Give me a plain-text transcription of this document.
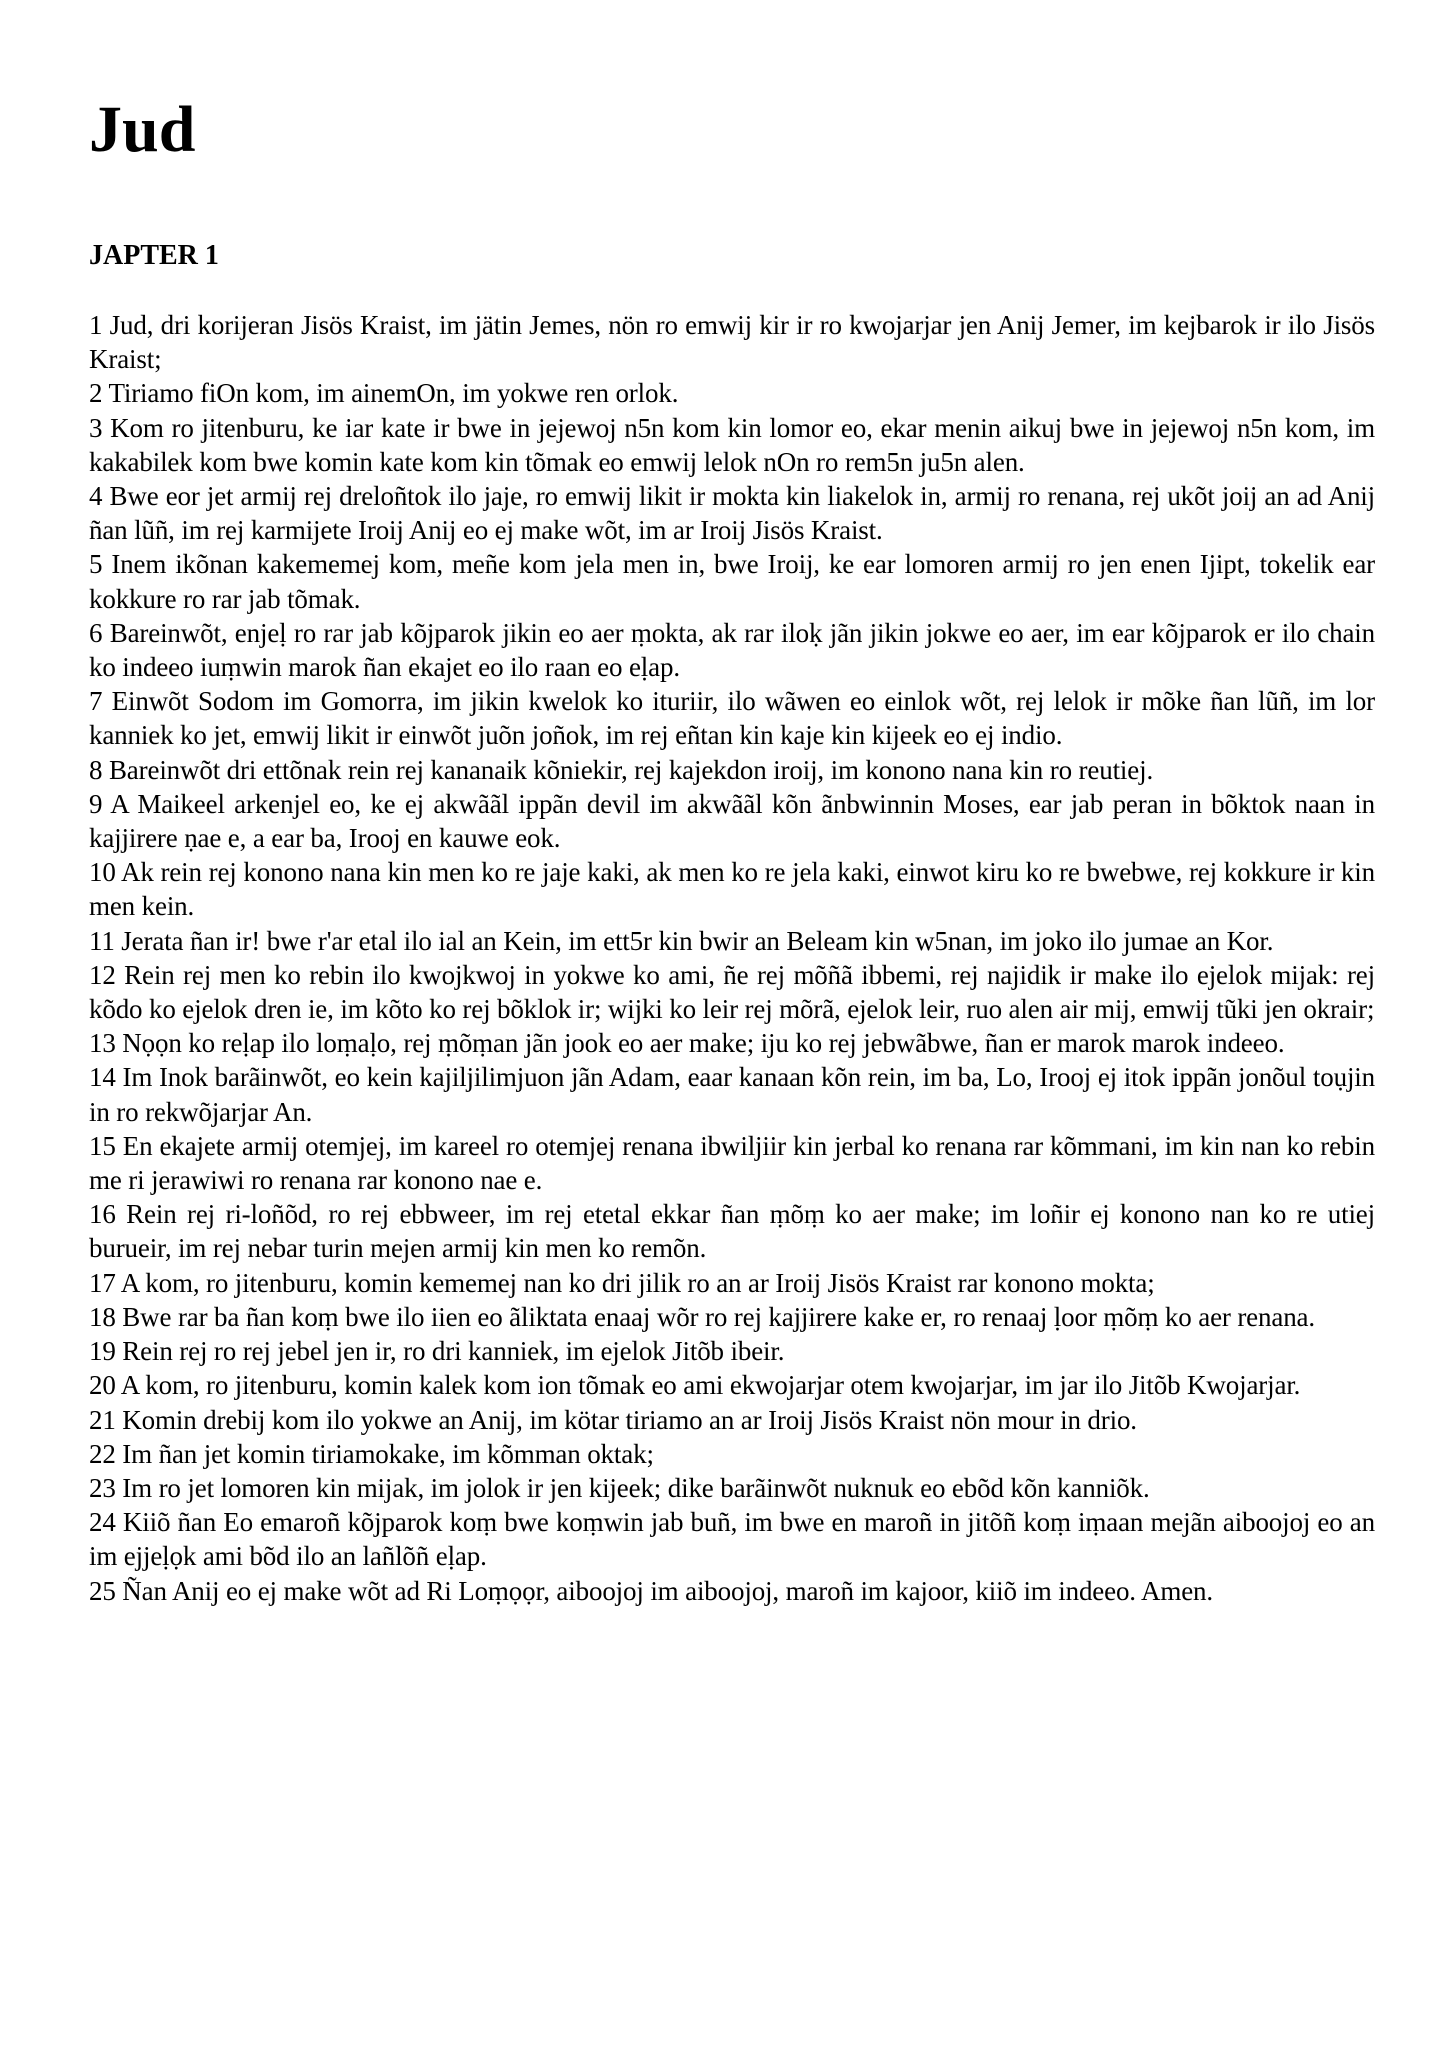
Jud
JAPTER 1
1 Jud, dri korijeran Jisös Kraist, im jätin Jemes, nön ro emwij kir ir ro kwojarjar jen Anij Jemer, im kejbarok ir ilo Jisös Kraist;
2 Tiriamo fiOn kom, im ainemOn, im yokwe ren orlok.
3 Kom ro jitenburu, ke iar kate ir bwe in jejewoj n5n kom kin lomor eo, ekar menin aikuj bwe in jejewoj n5n kom, im kakabilek kom bwe komin kate kom kin tõmak eo emwij lelok nOn ro rem5n ju5n alen.
4 Bwe eor jet armij rej dreloñtok ilo jaje, ro emwij likit ir mokta kin liakelok in, armij ro renana, rej ukõt joij an ad Anij ñan lũñ, im rej karmijete Iroij Anij eo ej make wõt, im ar Iroij Jisös Kraist.
5 Inem ikõnan kakememej kom, meñe kom jela men in, bwe Iroij, ke ear lomoren armij ro jen enen Ijipt, tokelik ear kokkure ro rar jab tõmak.
6 Bareinwõt, enjeḷ ro rar jab kõjparok jikin eo aer ṃokta, ak rar iloḳ jãn jikin jokwe eo aer, im ear kõjparok er ilo chain ko indeeo iuṃwin marok ñan ekajet eo ilo raan eo eḷap.
7 Einwõt Sodom im Gomorra, im jikin kwelok ko ituriir, ilo wãwen eo einlok wõt, rej lelok ir mõke ñan lũñ, im lor kanniek ko jet, emwij likit ir einwõt juõn joñok, im rej eñtan kin kaje kin kijeek eo ej indio.
8 Bareinwõt dri ettõnak rein rej kananaik kõniekir, rej kajekdon iroij, im konono nana kin ro reutiej.
9 A Maikeel arkenjel eo, ke ej akwããl ippãn devil im akwããl kõn ãnbwinnin Moses, ear jab peran in bõktok naan in kajjirere ṇae e, a ear ba, Irooj en kauwe eok.
10 Ak rein rej konono nana kin men ko re jaje kaki, ak men ko re jela kaki, einwot kiru ko re bwebwe, rej kokkure ir kin men kein.
11 Jerata ñan ir! bwe r'ar etal ilo ial an Kein, im ett5r kin bwir an Beleam kin w5nan, im joko ilo jumae an Kor.
12 Rein rej men ko rebin ilo kwojkwoj in yokwe ko ami, ñe rej mõñã ibbemi, rej najidik ir make ilo ejelok mijak: rej kõdo ko ejelok dren ie, im kõto ko rej bõklok ir; wijki ko leir rej mõrã, ejelok leir, ruo alen air mij, emwij tũki jen okrair;
13 Nọọn ko reḷap ilo loṃaḷo, rej ṃõṃan jãn jook eo aer make; iju ko rej jebwãbwe, ñan er marok marok indeeo.
14 Im Inok barãinwõt, eo kein kajiljilimjuon jãn Adam, eaar kanaan kõn rein, im ba, Lo, Irooj ej itok ippãn jonõul toụjin in ro rekwõjarjar An.
15 En ekajete armij otemjej, im kareel ro otemjej renana ibwiljiir kin jerbal ko renana rar kõmmani, im kin nan ko rebin me ri jerawiwi ro renana rar konono nae e.
16 Rein rej ri-loñõd, ro rej ebbweer, im rej etetal ekkar ñan ṃõṃ ko aer make; im loñir ej konono nan ko re utiej burueir, im rej nebar turin mejen armij kin men ko remõn.
17 A kom, ro jitenburu, komin kememej nan ko dri jilik ro an ar Iroij Jisös Kraist rar konono mokta;
18 Bwe rar ba ñan koṃ bwe ilo iien eo ãliktata enaaj wõr ro rej kajjirere kake er, ro renaaj ḷoor ṃõṃ ko aer renana.
19 Rein rej ro rej jebel jen ir, ro dri kanniek, im ejelok Jitõb ibeir.
20 A kom, ro jitenburu, komin kalek kom ion tõmak eo ami ekwojarjar otem kwojarjar, im jar ilo Jitõb Kwojarjar.
21 Komin drebij kom ilo yokwe an Anij, im kötar tiriamo an ar Iroij Jisös Kraist nön mour in drio.
22 Im ñan jet komin tiriamokake, im kõmman oktak;
23 Im ro jet lomoren kin mijak, im jolok ir jen kijeek; dike barãinwõt nuknuk eo ebõd kõn kanniõk.
24 Kiiõ ñan Eo emaroñ kõjparok koṃ bwe koṃwin jab buñ, im bwe en maroñ in jitõñ koṃ iṃaan mejãn aiboojoj eo an im ejjeḷọk ami bõd ilo an lañlõñ eḷap.
25 Ñan Anij eo ej make wõt ad Ri Loṃọọr, aiboojoj im aiboojoj, maroñ im kajoor, kiiõ im indeeo. Amen.
